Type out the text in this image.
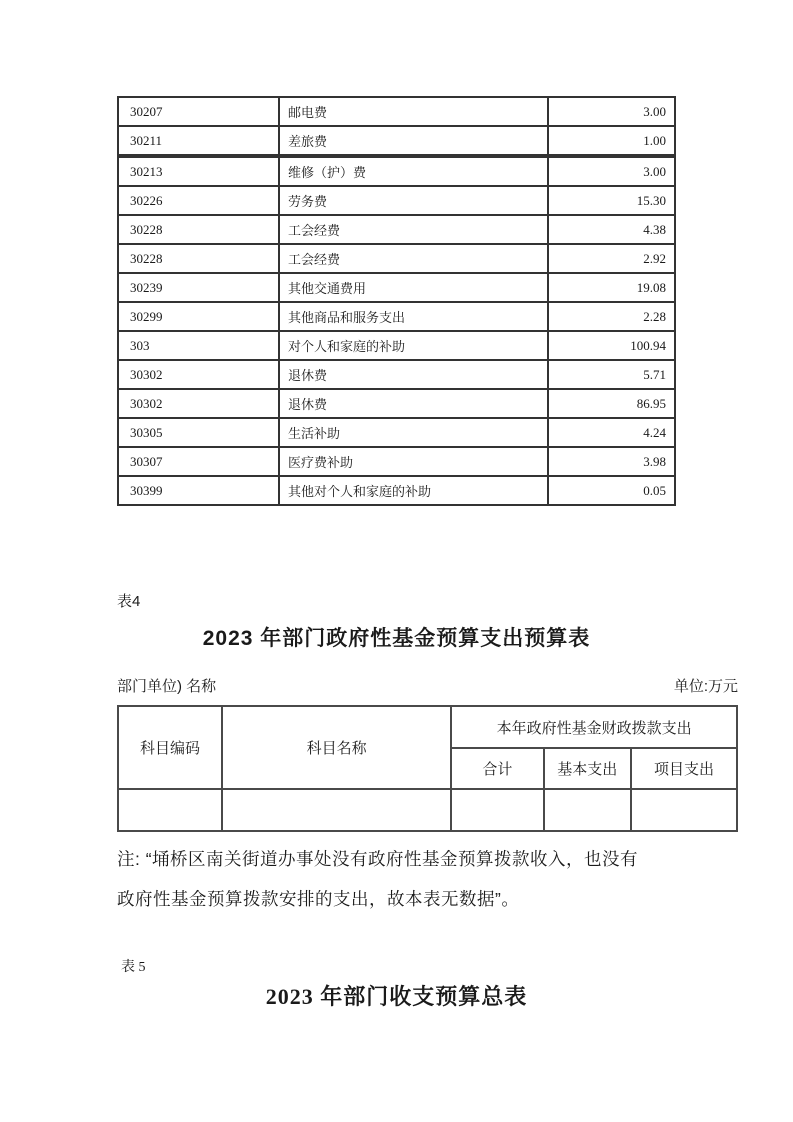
30207	邮电费	3.00
30211	差旅费	1.00
30213	维修（护）费	3.00
30226	劳务费	15.30
30228	工会经费	4.38
30228	工会经费	2.92
30239	其他交通费用	19.08
30299	其他商品和服务支出	2.28
303	对个人和家庭的补助	100.94
30302	退休费	5.71
30302	退休费	86.95
30305	生活补助	4.24
30307	医疗费补助	3.98
30399	其他对个人和家庭的补助	0.05
表4
2023 年部门政府性基金预算支出预算表
部门单位) 名称	单位:万元
科目编码	科目名称	本年政府性基金财政拨款支出		
		合计	基本支出	项目支出

注: “埇桥区南关街道办事处没有政府性基金预算拨款收入，也没有
政府性基金预算拨款安排的支出，故本表无数据”。
表 5
2023 年部门收支预算总表
